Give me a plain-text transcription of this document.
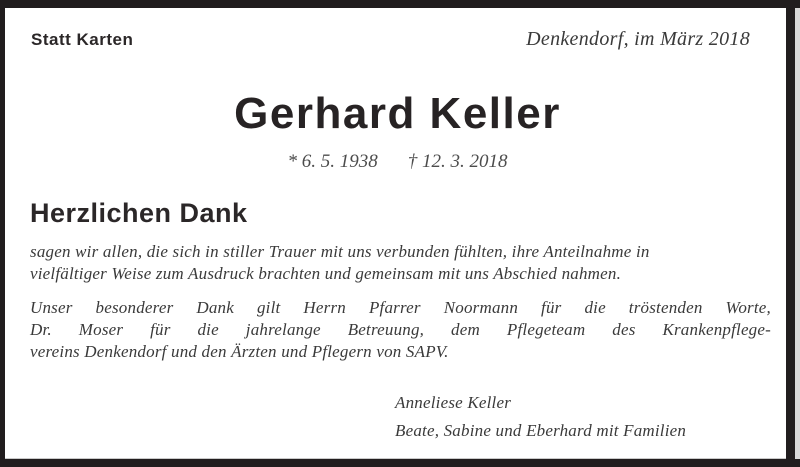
Statt Karten	Denkendorf, im März 2018
Gerhard Keller
* 6. 5. 1938 † 12. 3. 2018
Herzlichen Dank
sagen wir allen, die sich in stiller Trauer mit uns verbunden fühlten, ihre Anteilnahme in
vielfältiger Weise zum Ausdruck brachten und gemeinsam mit uns Abschied nahmen.
Unser besonderer Dank gilt Herrn Pfarrer Noormann für die tröstenden Worte,
Dr. Moser für die jahrelange Betreuung, dem Pflegeteam des Krankenpflege-
vereins Denkendorf und den Ärzten und Pflegern von SAPV.
Anneliese Keller
Beate, Sabine und Eberhard mit Familien
